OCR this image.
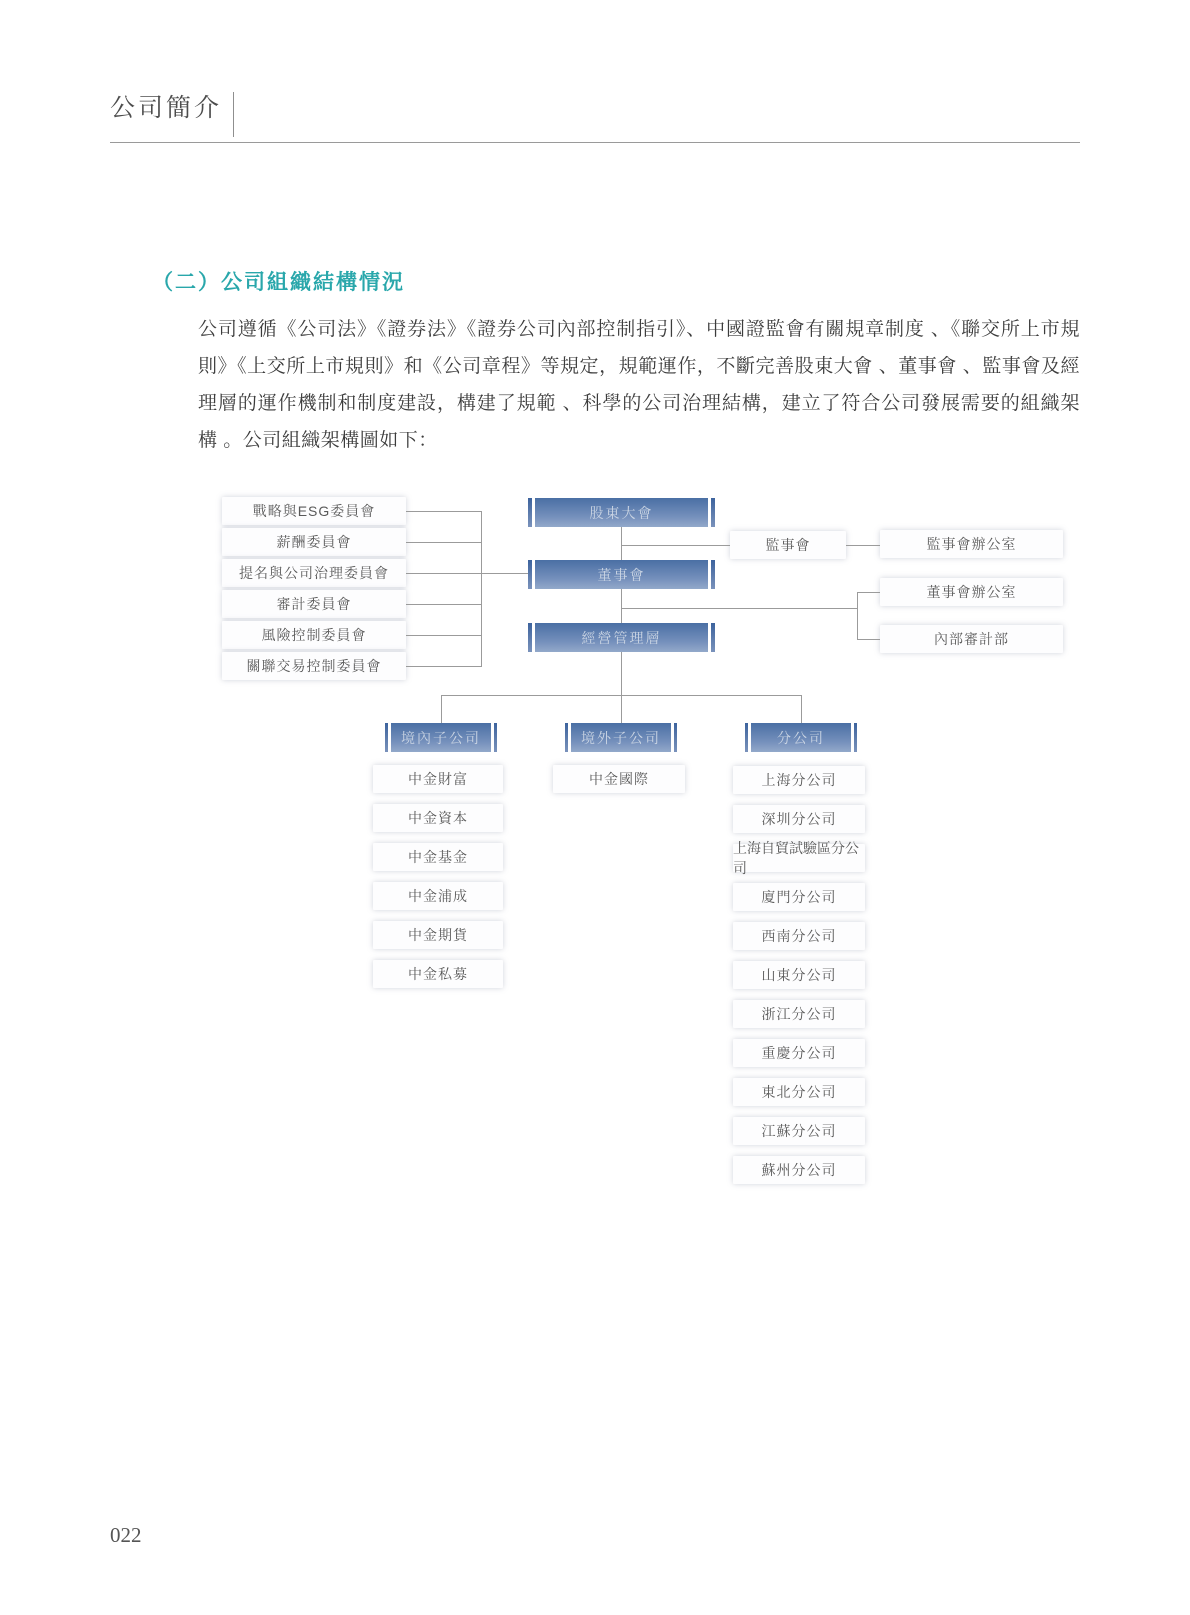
公司簡介
（二）公司組織結構情況
公司遵循《公司法》《證券法》《證券公司內部控制指引》、中國證監會有關規章制度 、《聯交所上市規則》《上交所上市規則》和《公司章程》等規定，規範運作，不斷完善股東大會 、董事會 、監事會及經理層的運作機制和制度建設，構建了規範 、科學的公司治理結構，建立了符合公司發展需要的組織架構 。公司組織架構圖如下：
戰略與ESG委員會
薪酬委員會
提名與公司治理委員會
審計委員會
風險控制委員會
關聯交易控制委員會
股東大會
董事會
經營管理層
監事會	監事會辦公室
董事會辦公室
內部審計部
境內子公司	境外子公司	分公司
中金財富
中金資本
中金基金
中金浦成
中金期貨
中金私募
中金國際	上海分公司
深圳分公司
上海自貿試驗區分公司
廈門分公司
西南分公司
山東分公司
浙江分公司
重慶分公司
東北分公司
江蘇分公司
蘇州分公司
022
